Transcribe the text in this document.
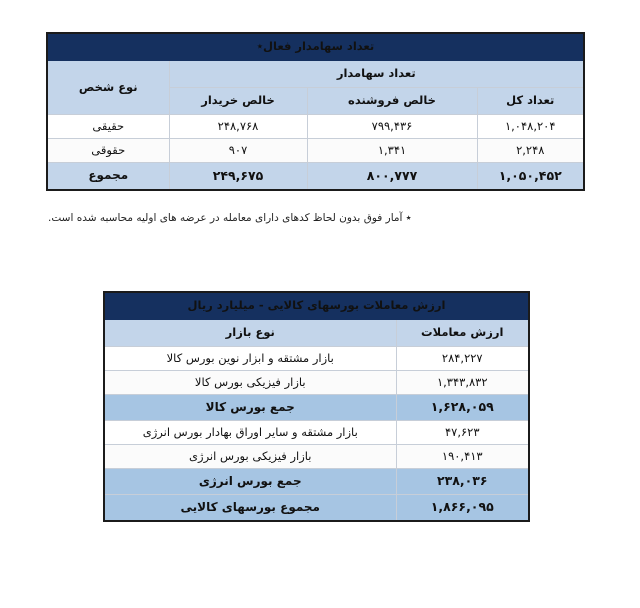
تعداد سهامدار فعال٭			
تعداد سهامدار			نوع شخص
تعداد کل	خالص فروشنده	خالص خریدار	
۱,۰۴۸,۲۰۴	۷۹۹,۴۳۶	۲۴۸,۷۶۸	حقیقی
۲,۲۴۸	۱,۳۴۱	۹۰۷	حقوقی
۱,۰۵۰,۴۵۲	۸۰۰,۷۷۷	۲۴۹,۶۷۵	مجموع
٭ آمار فوق بدون لحاظ کدهای دارای معامله در عرضه های اولیه محاسبه شده است.
ارزش معاملات بورسهای کالایی - میلیارد ریال	
ارزش معاملات	نوع بازار
۲۸۴,۲۲۷	بازار مشتقه و ابزار نوین بورس کالا
۱,۳۴۳,۸۳۲	بازار فیزیکی بورس کالا
۱,۶۲۸,۰۵۹	جمع بورس کالا
۴۷,۶۲۳	بازار مشتقه و سایر اوراق بهادار بورس انرژی
۱۹۰,۴۱۳	بازار فیزیکی بورس انرژی
۲۳۸,۰۳۶	جمع بورس انرژی
۱,۸۶۶,۰۹۵	مجموع بورسهای کالایی
